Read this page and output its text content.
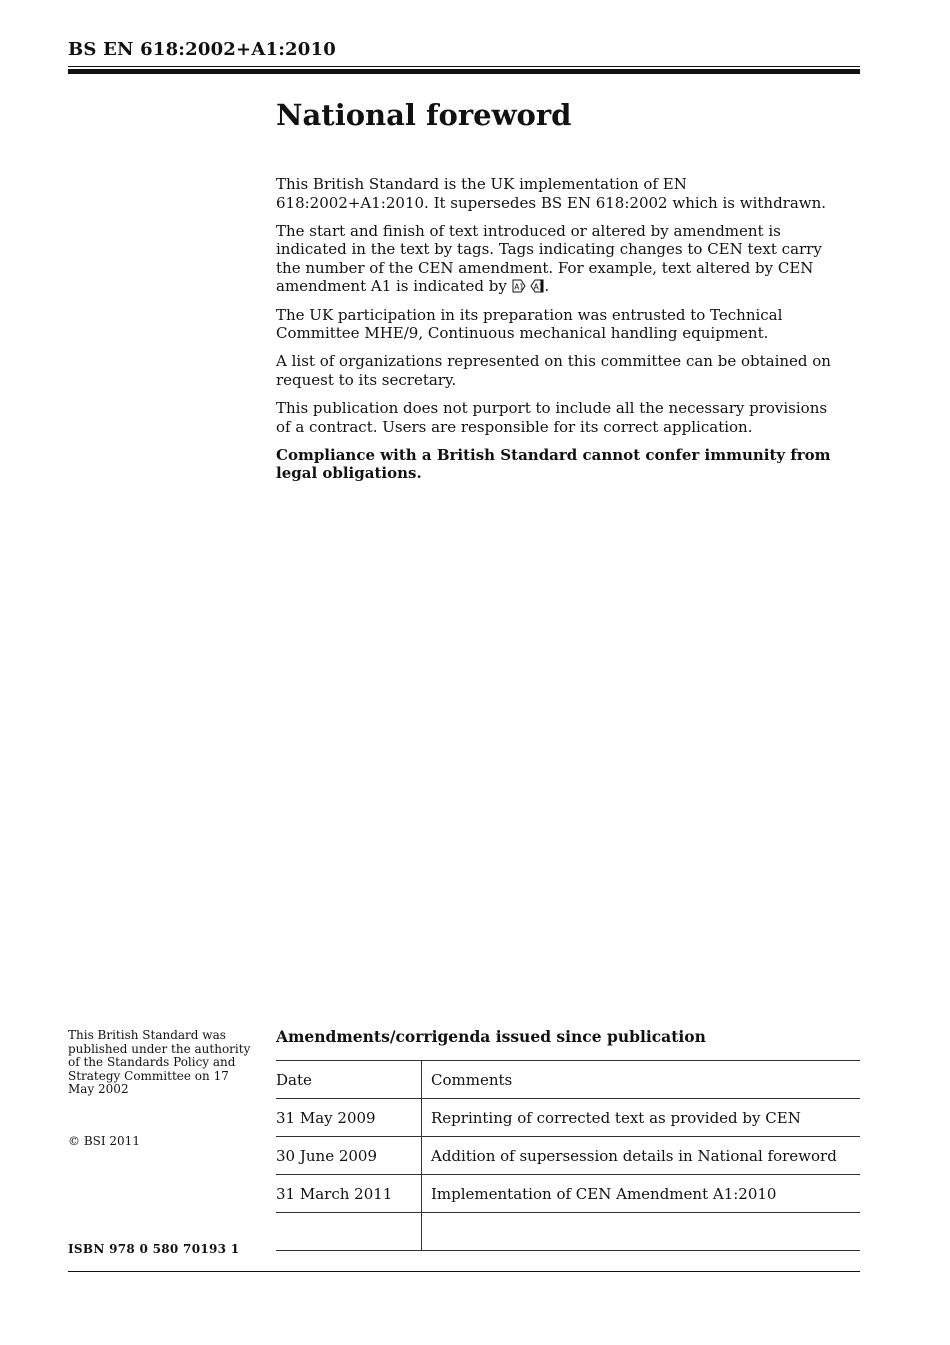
BS EN 618:2002+A1:2010
National foreword

This British Standard is the UK implementation of EN 618:2002+A1:2010. It supersedes BS EN 618:2002 which is withdrawn.

The start and finish of text introduced or altered by amendment is indicated in the text by tags. Tags indicating changes to CEN text carry the number of the CEN amendment. For example, text altered by CEN amendment A1 is indicated by A1
A1 .

The UK participation in its preparation was entrusted to Technical Committee MHE/9, Continuous mechanical handling equipment.

A list of organizations represented on this committee can be obtained on request to its secretary.

This publication does not purport to include all the necessary provisions of a contract. Users are responsible for its correct application.

Compliance with a British Standard cannot confer immunity from legal obligations.

This British Standard was published under the authority of the Standards Policy and Strategy Committee on 17 May 2002
© BSI 2011
ISBN 978 0 580 70193 1
Amendments/corrigenda issued since publication
Date	Comments
31 May 2009	Reprinting of corrected text as provided by CEN
30 June 2009	Addition of supersession details in National foreword
31 March 2011	Implementation of CEN Amendment A1:2010
